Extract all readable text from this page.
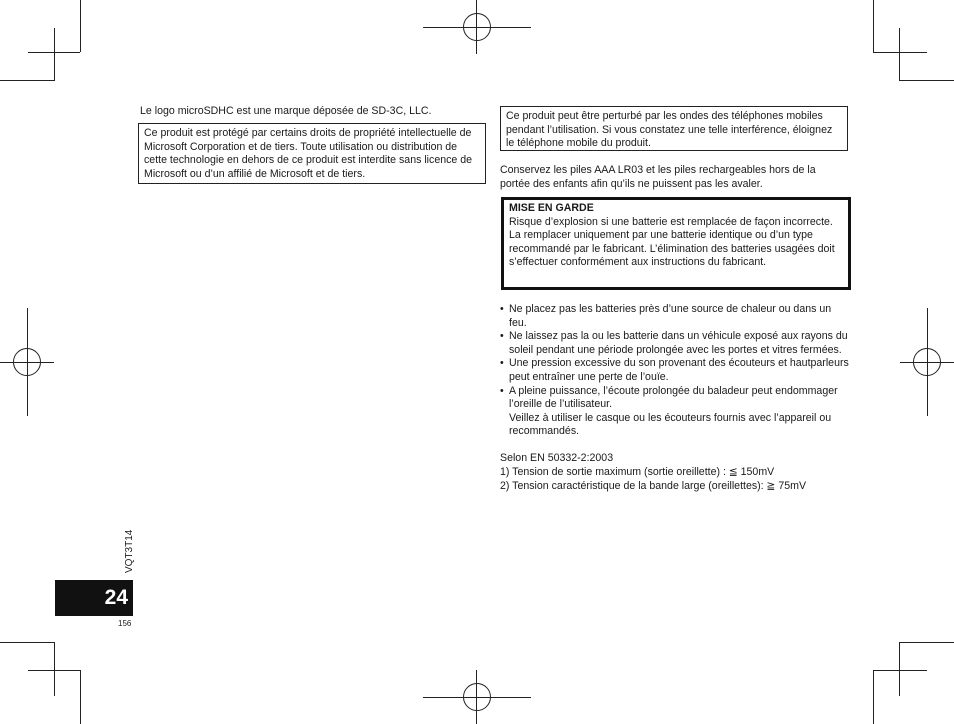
Le logo microSDHC est une marque déposée de SD-3C, LLC.
Ce produit est protégé par certains droits de propriété intellectuelle de Microsoft Corporation et de tiers. Toute utilisation ou distribution de cette technologie en dehors de ce produit est interdite sans licence de Microsoft ou d’un affilié de Microsoft et de tiers.
Ce produit peut être perturbé par les ondes des téléphones mobiles pendant l’utilisation. Si vous constatez une telle interférence, éloignez le téléphone mobile du produit.
Conservez les piles AAA LR03 et les piles rechargeables hors de la portée des enfants afin qu’ils ne puissent pas les avaler.
MISE EN GARDE
Risque d’explosion si une batterie est remplacée de façon incorrecte. La remplacer uniquement par une batterie identique ou d’un type recommandé par le fabricant. L’élimination des batteries usagées doit s’effectuer conformément aux instructions du fabricant.
• Ne placez pas les batteries près d’une source de chaleur ou dans un feu.
• Ne laissez pas la ou les batterie dans un véhicule exposé aux rayons du soleil pendant une période prolongée avec les portes et vitres fermées.
• Une pression excessive du son provenant des écouteurs et hautparleurs peut entraîner une perte de l’ouïe.
• A pleine puissance, l’écoute prolongée du baladeur peut endommager l’oreille de l’utilisateur.
Veillez à utiliser le casque ou les écouteurs fournis avec l’appareil ou recommandés.
Selon EN 50332-2:2003
1) Tension de sortie maximum (sortie oreillette) : ≦ 150mV
2) Tension caractéristique de la bande large (oreillettes): ≧ 75mV
VQT3T14
24
156
